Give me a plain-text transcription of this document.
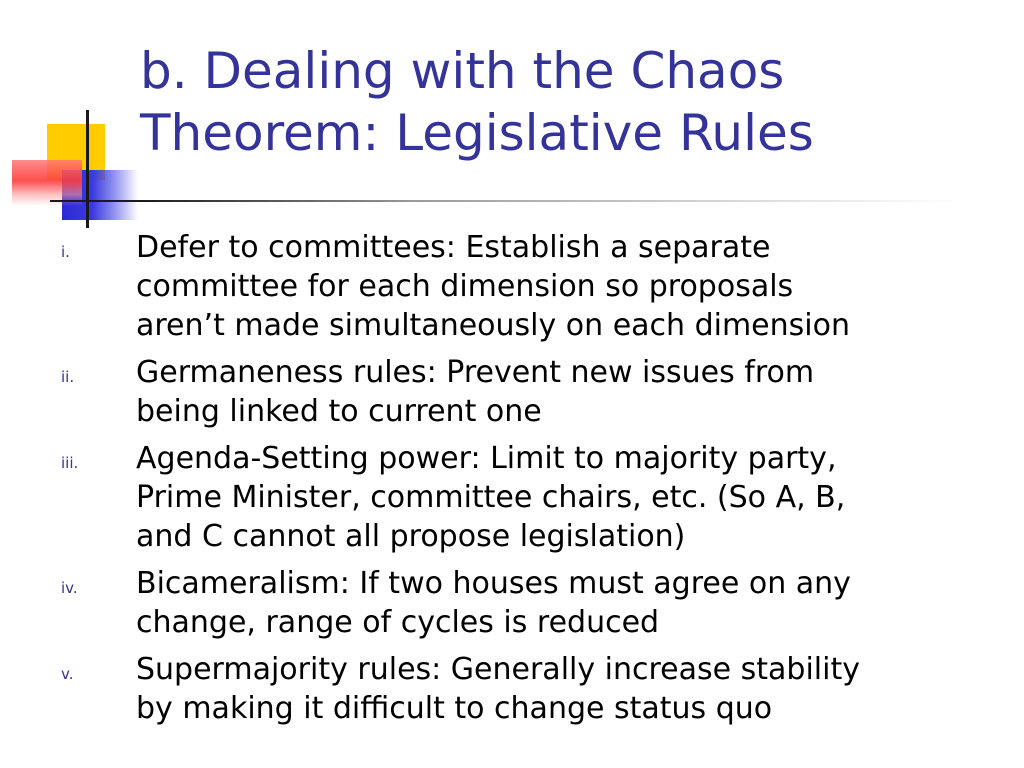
b. Dealing with the Chaos
Theorem: Legislative Rules
i. Defer to committees: Establish a separate
committee for each dimension so proposals
aren’t made simultaneously on each dimension
ii. Germaneness rules: Prevent new issues from
being linked to current one
iii. Agenda-Setting power: Limit to majority party,
Prime Minister, committee chairs, etc. (So A, B,
and C cannot all propose legislation)
iv. Bicameralism: If two houses must agree on any
change, range of cycles is reduced
v. Supermajority rules: Generally increase stability
by making it difficult to change status quo
